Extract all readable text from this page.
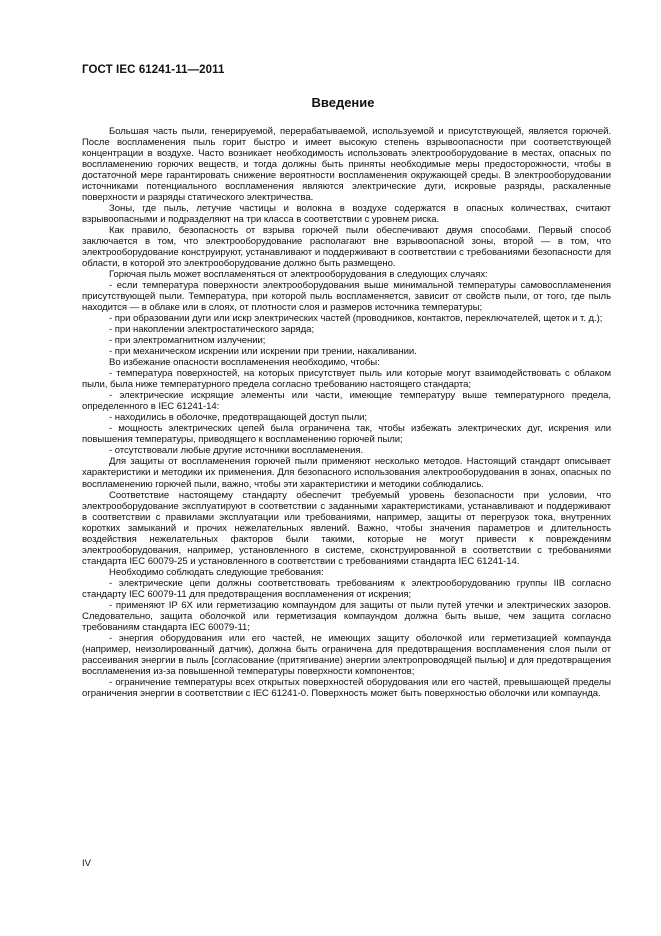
ГОСТ IEC 61241-11—2011
Введение

Большая часть пыли, генерируемой, перерабатываемой, используемой и присутствующей, является горючей. После воспламенения пыль горит быстро и имеет высокую степень взрывоопасности при соответствующей концентрации в воздухе. Часто возникает необходимость использовать электрооборудование в местах, опасных по воспламенению горючих веществ, и тогда должны быть приняты необходимые меры предосторожности, чтобы в достаточной мере гарантировать снижение вероятности воспламенения окружающей среды. В электрооборудовании источниками потенциального воспламенения являются электрические дуги, искровые разряды, раскаленные поверхности и разряды статического электричества.

Зоны, где пыль, летучие частицы и волокна в воздухе содержатся в опасных количествах, считают взрывоопасными и подразделяют на три класса в соответствии с уровнем риска.

Как правило, безопасность от взрыва горючей пыли обеспечивают двумя способами. Первый способ заключается в том, что электрооборудование располагают вне взрывоопасной зоны, второй — в том, что электрооборудование конструируют, устанавливают и поддерживают в соответствии с требованиями безопасности для области, в которой это электрооборудование должно быть размещено.

Горючая пыль может воспламеняться от электрооборудования в следующих случаях:

- если температура поверхности электрооборудования выше минимальной температуры самовоспламенения присутствующей пыли. Температура, при которой пыль воспламеняется, зависит от свойств пыли, от того, где пыль находится — в облаке или в слоях, от плотности слоя и размеров источника температуры;

- при образовании дуги или искр электрических частей (проводников, контактов, переключателей, щеток и т. д.);

- при накоплении электростатического заряда;

- при электромагнитном излучении;

- при механическом искрении или искрении при трении, накаливании.

Во избежание опасности воспламенения необходимо, чтобы:

- температура поверхностей, на которых присутствует пыль или которые могут взаимодействовать с облаком пыли, была ниже температурного предела согласно требованию настоящего стандарта;

- электрические искрящие элементы или части, имеющие температуру выше температурного предела, определенного в IEC 61241-14:

- находились в оболочке, предотвращающей доступ пыли;

- мощность электрических цепей была ограничена так, чтобы избежать электрических дуг, искрения или повышения температуры, приводящего к воспламенению горючей пыли;

- отсутствовали любые другие источники воспламенения.

Для защиты от воспламенения горючей пыли применяют несколько методов. Настоящий стандарт описывает характеристики и методики их применения. Для безопасного использования электрооборудования в зонах, опасных по воспламенению горючей пыли, важно, чтобы эти характеристики и методики соблюдались.

Соответствие настоящему стандарту обеспечит требуемый уровень безопасности при условии, что электрооборудование эксплуатируют в соответствии с заданными характеристиками, устанавливают и поддерживают в соответствии с правилами эксплуатации или требованиями, например, защиты от перегрузок тока, внутренних коротких замыканий и прочих нежелательных явлений. Важно, чтобы значения параметров и длительность воздействия нежелательных факторов были такими, которые не могут привести к повреждениям электрооборудования, например, установленного в системе, сконструированной в соответствии с требованиями стандарта IEC 60079-25 и установленного в соответствии с требованиями стандарта IEC 61241-14.

Необходимо соблюдать следующие требования:

- электрические цепи должны соответствовать требованиям к электрооборудованию группы IIB согласно стандарту IEC 60079-11 для предотвращения воспламенения от искрения;

- применяют IP 6X или герметизацию компаундом для защиты от пыли путей утечки и электрических зазоров. Следовательно, защита оболочкой или герметизация компаундом должна быть выше, чем защита согласно требованиям стандарта IEC 60079-11;

- энергия оборудования или его частей, не имеющих защиту оболочкой или герметизацией компаунда (например, неизолированный датчик), должна быть ограничена для предотвращения воспламенения слоя пыли от рассеивания энергии в пыль [согласование (притягивание) энергии электропроводящей пылью] и для предотвращения воспламенения из-за повышенной температуры поверхности компонентов;

- ограничение температуры всех открытых поверхностей оборудования или его частей, превышающей пределы ограничения энергии в соответствии с IEC 61241-0. Поверхность может быть поверхностью оболочки или компаунда.

IV
